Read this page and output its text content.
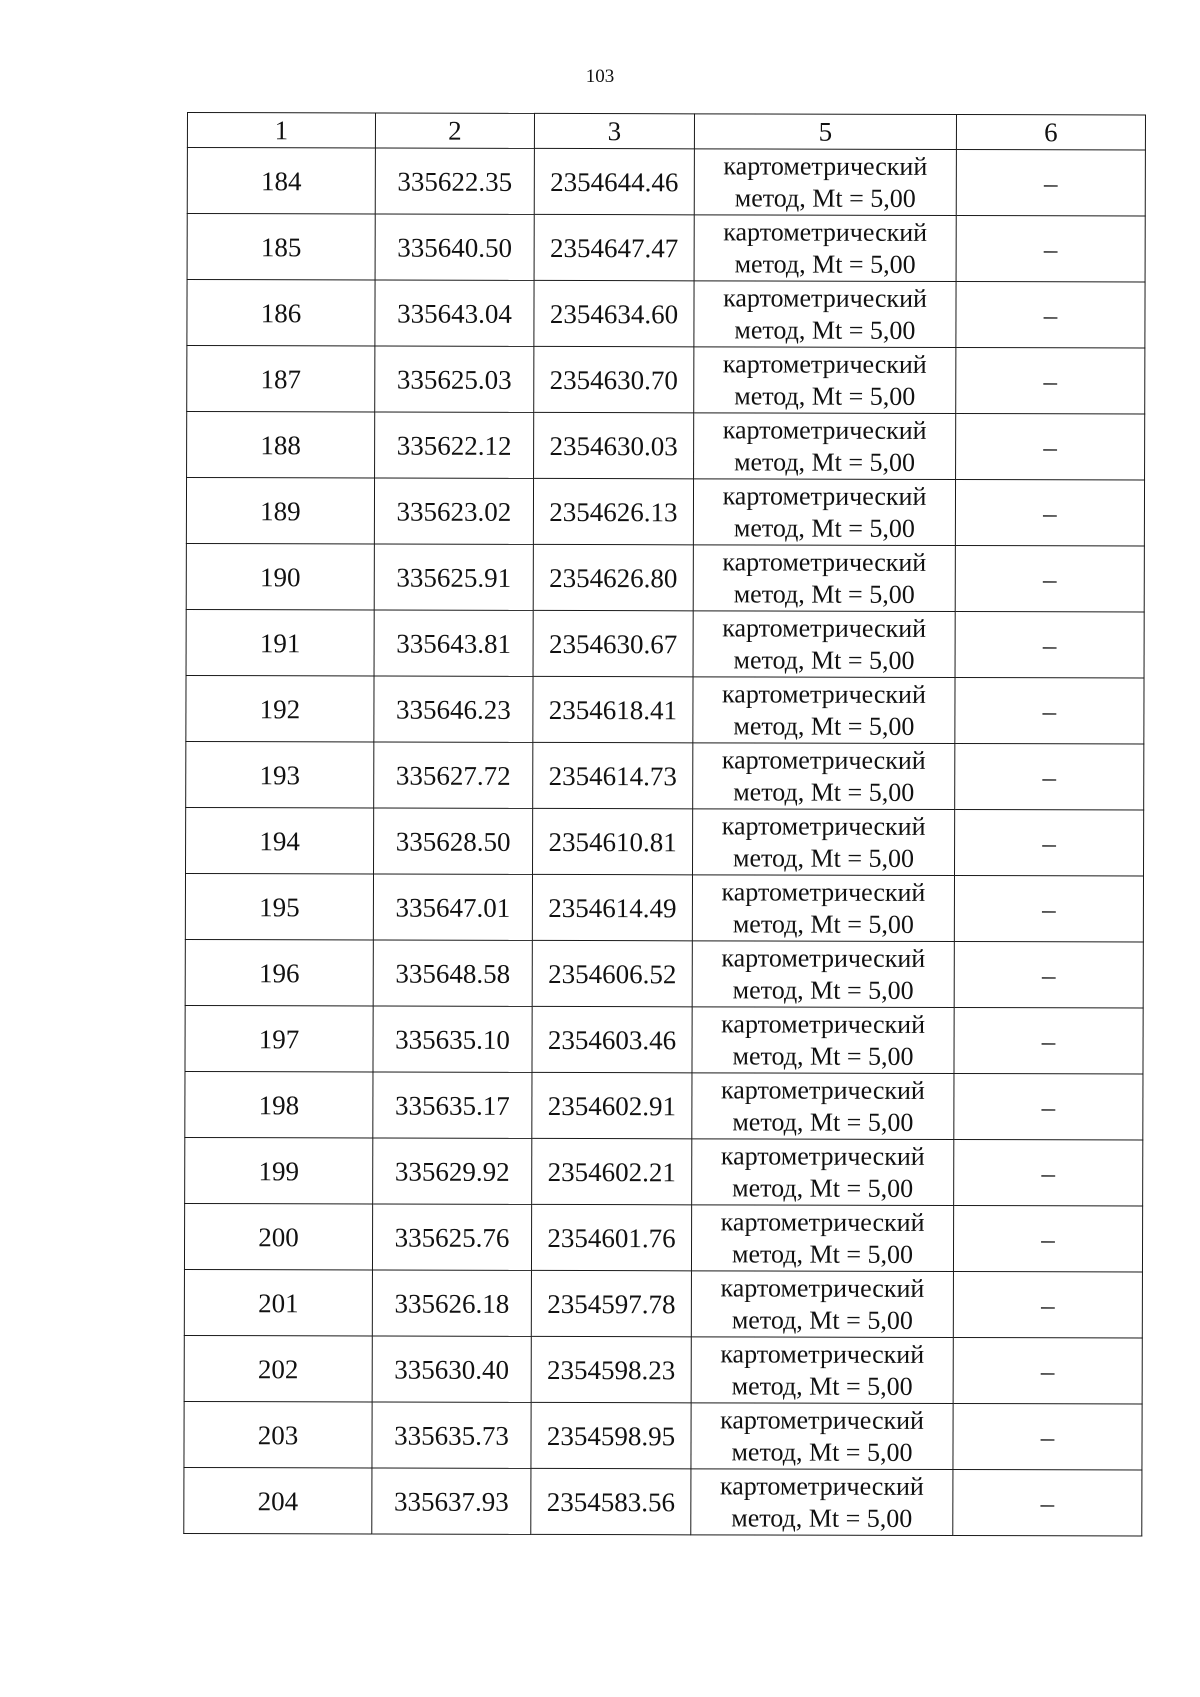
103
1	2	3	5	6
184	335622.35	2354644.46	картометрический
метод, Mt = 5,00	–
185	335640.50	2354647.47	картометрический
метод, Mt = 5,00	–
186	335643.04	2354634.60	картометрический
метод, Mt = 5,00	–
187	335625.03	2354630.70	картометрический
метод, Mt = 5,00	–
188	335622.12	2354630.03	картометрический
метод, Mt = 5,00	–
189	335623.02	2354626.13	картометрический
метод, Mt = 5,00	–
190	335625.91	2354626.80	картометрический
метод, Mt = 5,00	–
191	335643.81	2354630.67	картометрический
метод, Mt = 5,00	–
192	335646.23	2354618.41	картометрический
метод, Mt = 5,00	–
193	335627.72	2354614.73	картометрический
метод, Mt = 5,00	–
194	335628.50	2354610.81	картометрический
метод, Mt = 5,00	–
195	335647.01	2354614.49	картометрический
метод, Mt = 5,00	–
196	335648.58	2354606.52	картометрический
метод, Mt = 5,00	–
197	335635.10	2354603.46	картометрический
метод, Mt = 5,00	–
198	335635.17	2354602.91	картометрический
метод, Mt = 5,00	–
199	335629.92	2354602.21	картометрический
метод, Mt = 5,00	–
200	335625.76	2354601.76	картометрический
метод, Mt = 5,00	–
201	335626.18	2354597.78	картометрический
метод, Mt = 5,00	–
202	335630.40	2354598.23	картометрический
метод, Mt = 5,00	–
203	335635.73	2354598.95	картометрический
метод, Mt = 5,00	–
204	335637.93	2354583.56	картометрический
метод, Mt = 5,00	–
